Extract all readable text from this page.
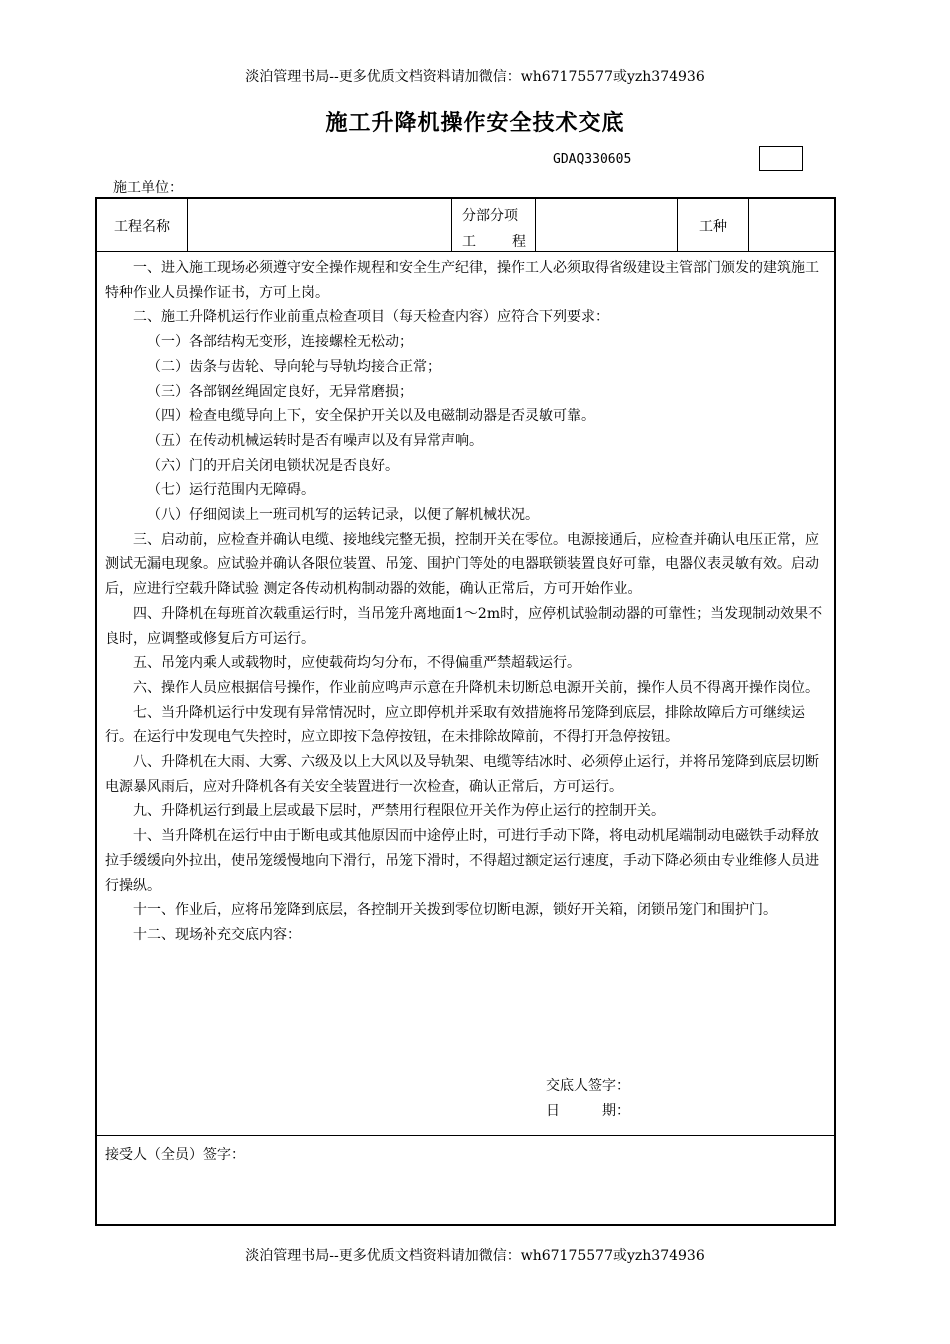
淡泊管理书局--更多优质文档资料请加微信：wh67175577或yzh374936
施工升降机操作安全技术交底
GDAQ330605
施工单位：
工程名称
分部分项
工	程
工种

一、进入施工现场必须遵守安全操作规程和安全生产纪律，操作工人必须取得省级建设主管部门颁发的建筑施工特种作业人员操作证书，方可上岗。

二、施工升降机运行作业前重点检查项目（每天检查内容）应符合下列要求：

（一）各部结构无变形，连接螺栓无松动；

（二）齿条与齿轮、导向轮与导轨均接合正常；

（三）各部钢丝绳固定良好，无异常磨损；

（四）检查电缆导向上下，安全保护开关以及电磁制动器是否灵敏可靠。

（五）在传动机械运转时是否有噪声以及有异常声响。

（六）门的开启关闭电锁状况是否良好。

（七）运行范围内无障碍。

（八）仔细阅读上一班司机写的运转记录，以便了解机械状况。

三、启动前，应检查并确认电缆、接地线完整无损，控制开关在零位。电源接通后，应检查并确认电压正常，应测试无漏电现象。应试验并确认各限位装置、吊笼、围护门等处的电器联锁装置良好可靠，电器仪表灵敏有效。启动后，应进行空载升降试验 测定各传动机构制动器的效能，确认正常后，方可开始作业。

四、升降机在每班首次载重运行时，当吊笼升离地面1～2m时，应停机试验制动器的可靠性；当发现制动效果不良时，应调整或修复后方可运行。

五、吊笼内乘人或载物时，应使载荷均匀分布，不得偏重严禁超载运行。

六、操作人员应根据信号操作，作业前应鸣声示意在升降机未切断总电源开关前，操作人员不得离开操作岗位。

七、当升降机运行中发现有异常情况时，应立即停机并采取有效措施将吊笼降到底层，排除故障后方可继续运行。在运行中发现电气失控时，应立即按下急停按钮，在未排除故障前，不得打开急停按钮。

八、升降机在大雨、大雾、六级及以上大风以及导轨架、电缆等结冰时、必须停止运行，并将吊笼降到底层切断电源暴风雨后，应对升降机各有关安全装置进行一次检查，确认正常后，方可运行。

九、升降机运行到最上层或最下层时，严禁用行程限位开关作为停止运行的控制开关。

十、当升降机在运行中由于断电或其他原因而中途停止时，可进行手动下降，将电动机尾端制动电磁铁手动释放拉手缓缓向外拉出，使吊笼缓慢地向下滑行，吊笼下滑时，不得超过额定运行速度，手动下降必须由专业维修人员进行操纵。

十一、作业后，应将吊笼降到底层，各控制开关拨到零位切断电源，锁好开关箱，闭锁吊笼门和围护门。

十二、现场补充交底内容：

交底人签字：
日	期：
接受人（全员）签字：
淡泊管理书局--更多优质文档资料请加微信：wh67175577或yzh374936
